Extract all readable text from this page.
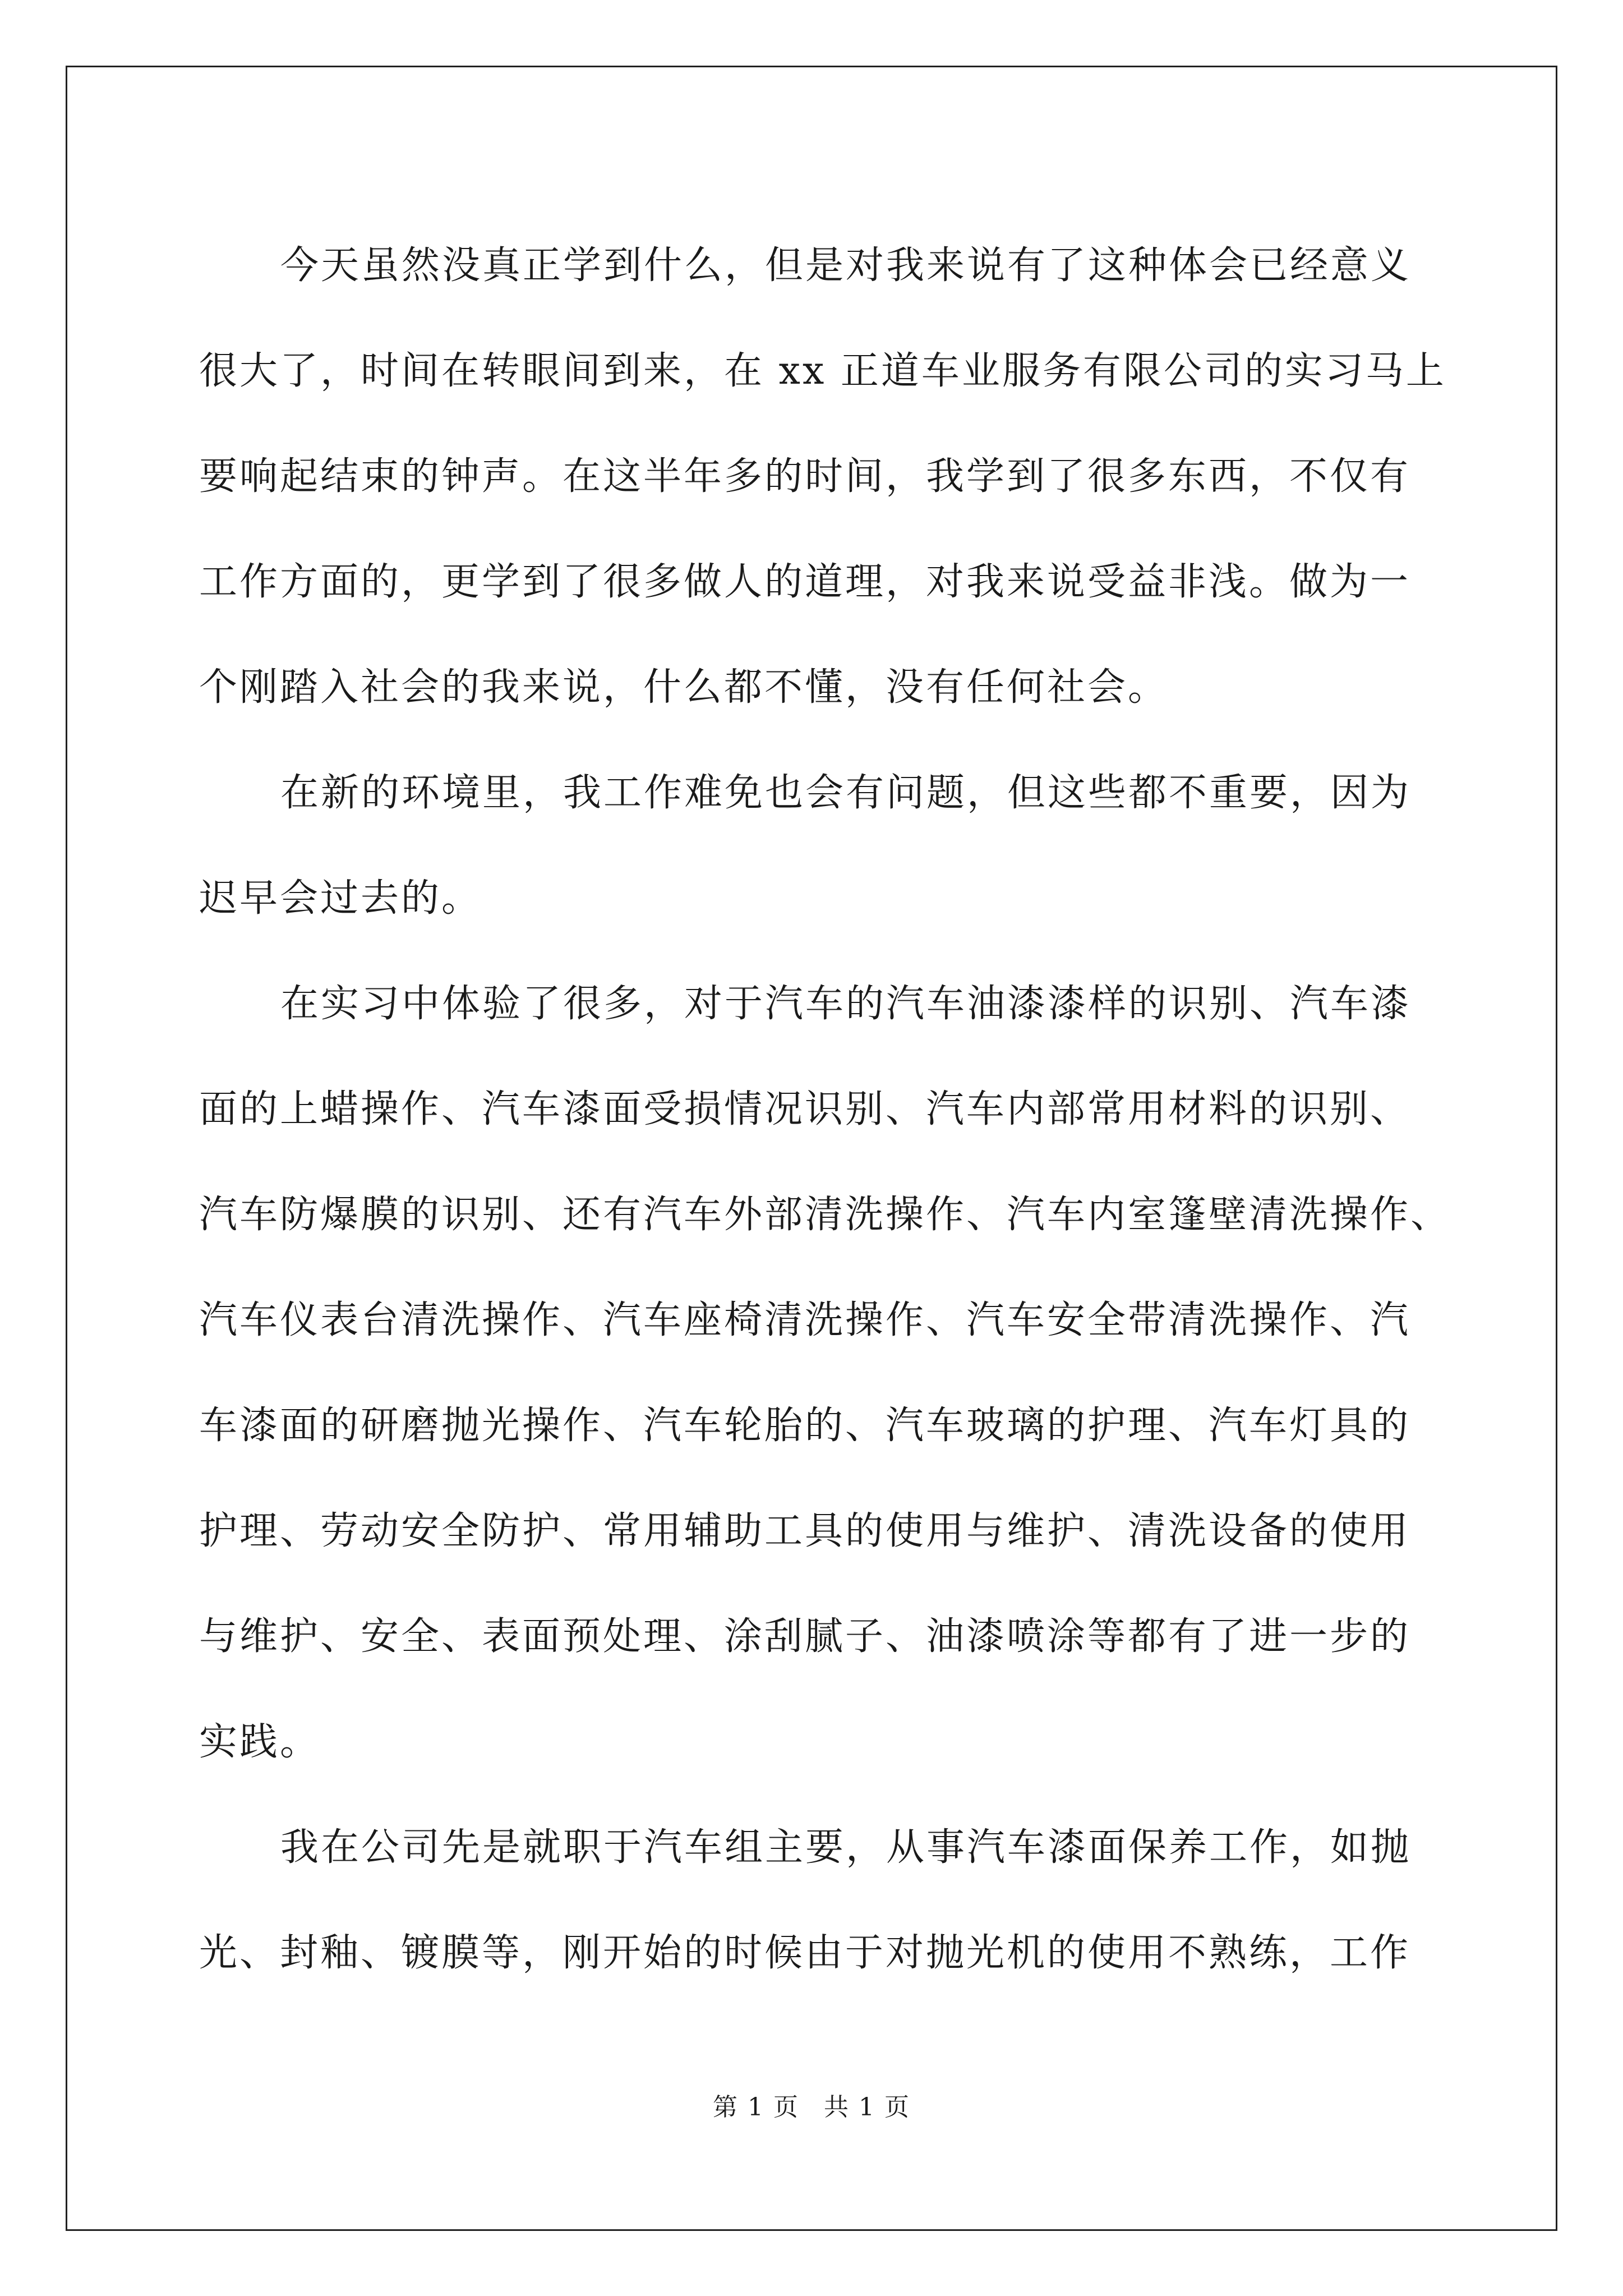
今天虽然没真正学到什么，但是对我来说有了这种体会已经意义
很大了，时间在转眼间到来，在 xx 正道车业服务有限公司的实习马上
要响起结束的钟声。在这半年多的时间，我学到了很多东西，不仅有
工作方面的，更学到了很多做人的道理，对我来说受益非浅。做为一
个刚踏入社会的我来说，什么都不懂，没有任何社会。

在新的环境里，我工作难免也会有问题，但这些都不重要，因为
迟早会过去的。

在实习中体验了很多，对于汽车的汽车油漆漆样的识别、汽车漆
面的上蜡操作、汽车漆面受损情况识别、汽车内部常用材料的识别、
汽车防爆膜的识别、还有汽车外部清洗操作、汽车内室篷壁清洗操作、
汽车仪表台清洗操作、汽车座椅清洗操作、汽车安全带清洗操作、汽
车漆面的研磨抛光操作、汽车轮胎的、汽车玻璃的护理、汽车灯具的
护理、劳动安全防护、常用辅助工具的使用与维护、清洗设备的使用
与维护、安全、表面预处理、涂刮腻子、油漆喷涂等都有了进一步的
实践。

我在公司先是就职于汽车组主要，从事汽车漆面保养工作，如抛
光、封釉、镀膜等，刚开始的时候由于对抛光机的使用不熟练，工作

第 1 页 共 1 页
